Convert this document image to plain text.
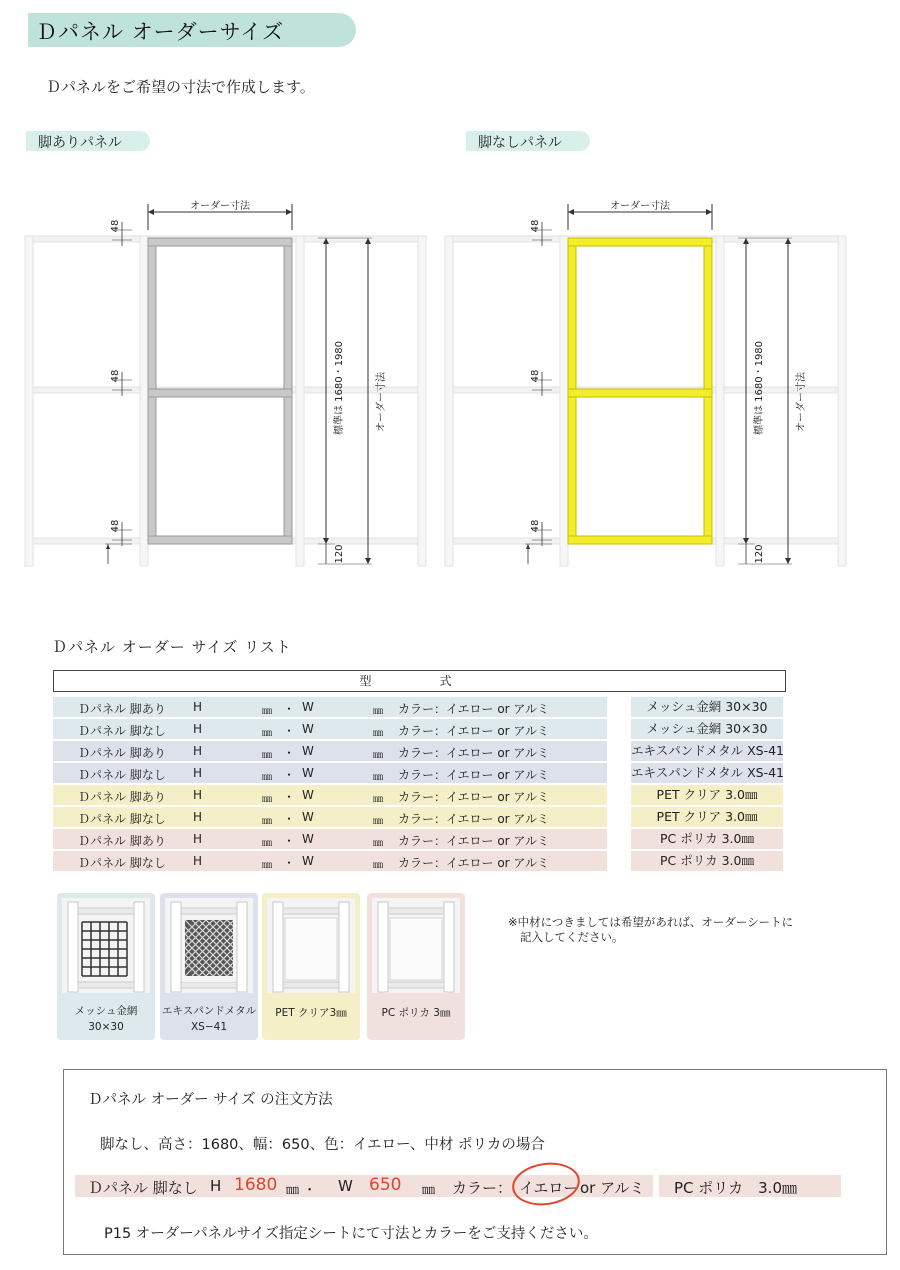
Ｄパネル オーダーサイズ
Ｄパネルをご希望の寸法で作成します。
脚ありパネル	脚なしパネル
オーダー寸法
48
48
48
標準は 1680・1980	オーダー寸法
120
オーダー寸法
48
48
48
標準は 1680・1980	オーダー寸法
120
Ｄパネル オーダー サイズ リスト
型　式
Ｄパネル 脚あり H	㎜ ・ W	㎜ カラー：イエロー or アルミ	メッシュ金網 30×30
Ｄパネル 脚なし H	㎜ ・ W	㎜ カラー：イエロー or アルミ	メッシュ金網 30×30
Ｄパネル 脚あり H	㎜ ・ W	㎜ カラー：イエロー or アルミ	エキスパンドメタル XS-41
Ｄパネル 脚なし H	㎜ ・ W	㎜ カラー：イエロー or アルミ	エキスパンドメタル XS-41
Ｄパネル 脚あり H	㎜ ・ W	㎜ カラー：イエロー or アルミ	PET クリア 3.0㎜
Ｄパネル 脚なし H	㎜ ・ W	㎜ カラー：イエロー or アルミ	PET クリア 3.0㎜
Ｄパネル 脚あり H	㎜ ・ W	㎜ カラー：イエロー or アルミ	PC ポリカ 3.0㎜
Ｄパネル 脚なし H	㎜ ・ W	㎜ カラー：イエロー or アルミ	PC ポリカ 3.0㎜
メッシュ金網
30×30
エキスパンドメタル
XS−41
PET クリア3㎜	PC ポリカ 3㎜
※中材につきましては希望があれば、オーダーシートに
記入してください。
Ｄパネル オーダー サイズ の注文方法
脚なし、高さ：1680、幅：650、色：イエロー、中材 ポリカの場合
Ｄパネル 脚なし H 1680 ㎜ ・ W 650 ㎜ カラー： イエロー or アルミ PC ポリカ　3.0㎜
P15 オーダーパネルサイズ指定シートにて寸法とカラーをご支持ください。
